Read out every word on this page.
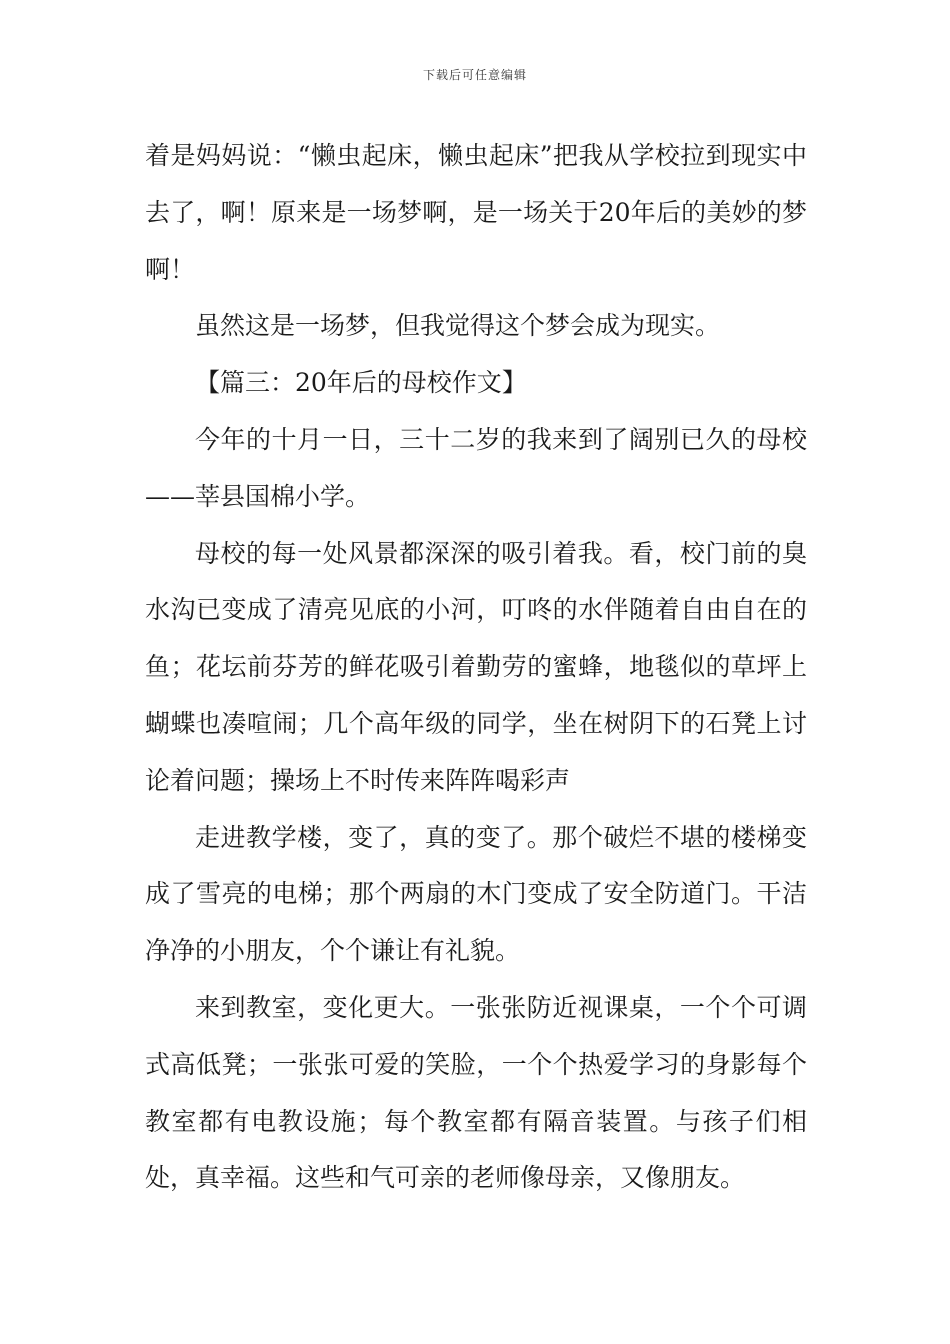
下载后可任意编辑

着是妈妈说：“懒虫起床，懒虫起床”把我从学校拉到现实中去了，啊！原来是一场梦啊，是一场关于20年后的美妙的梦啊！

虽然这是一场梦，但我觉得这个梦会成为现实。

【篇三：20年后的母校作文】

今年的十月一日，三十二岁的我来到了阔别已久的母校——莘县国棉小学。

母校的每一处风景都深深的吸引着我。看，校门前的臭水沟已变成了清亮见底的小河，叮咚的水伴随着自由自在的鱼；花坛前芬芳的鲜花吸引着勤劳的蜜蜂，地毯似的草坪上蝴蝶也凑喧闹；几个高年级的同学，坐在树阴下的石凳上讨论着问题；操场上不时传来阵阵喝彩声

走进教学楼，变了，真的变了。那个破烂不堪的楼梯变成了雪亮的电梯；那个两扇的木门变成了安全防道门。干洁净净的小朋友，个个谦让有礼貌。

来到教室，变化更大。一张张防近视课桌，一个个可调式高低凳；一张张可爱的笑脸，一个个热爱学习的身影每个教室都有电教设施；每个教室都有隔音装置。与孩子们相处，真幸福。这些和气可亲的老师像母亲，又像朋友。
